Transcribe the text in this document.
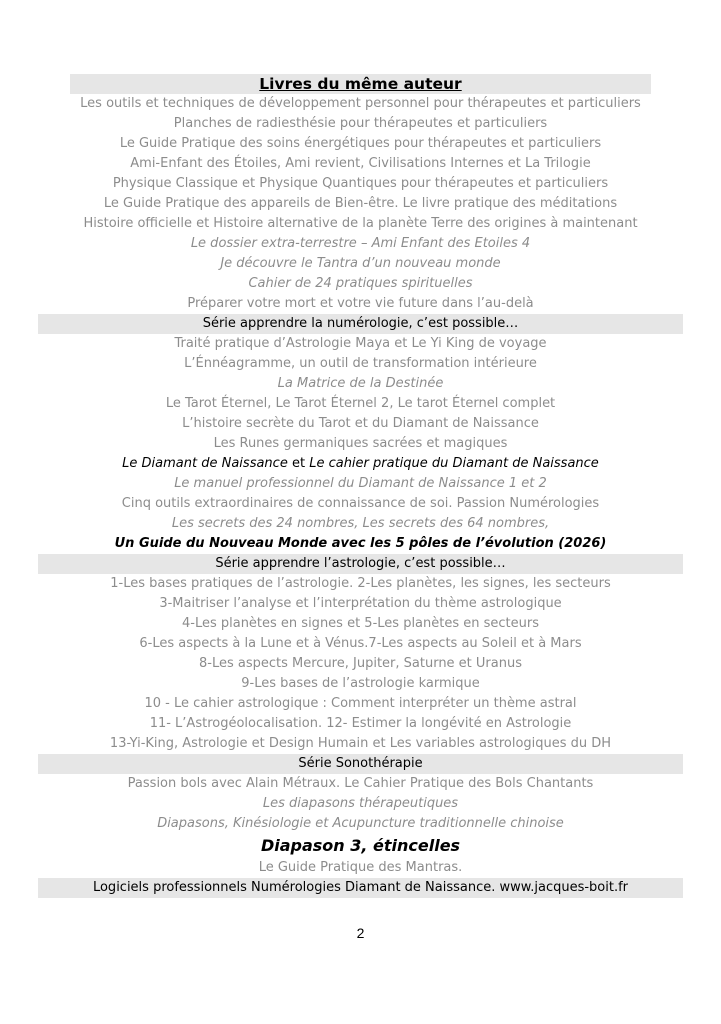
Livres du même auteur
Les outils et techniques de développement personnel pour thérapeutes et particuliers
Planches de radiesthésie pour thérapeutes et particuliers
Le Guide Pratique des soins énergétiques pour thérapeutes et particuliers
Ami-Enfant des Étoiles, Ami revient, Civilisations Internes et La Trilogie
Physique Classique et Physique Quantiques pour thérapeutes et particuliers
Le Guide Pratique des appareils de Bien-être. Le livre pratique des méditations
Histoire officielle et Histoire alternative de la planète Terre des origines à maintenant
Le dossier extra-terrestre – Ami Enfant des Etoiles 4
Je découvre le Tantra d’un nouveau monde
Cahier de 24 pratiques spirituelles
Préparer votre mort et votre vie future dans l’au-delà
Série apprendre la numérologie, c’est possible…
Traité pratique d’Astrologie Maya et Le Yi King de voyage
L’Énnéagramme, un outil de transformation intérieure
La Matrice de la Destinée
Le Tarot Éternel, Le Tarot Éternel 2, Le tarot Éternel complet
L’histoire secrète du Tarot et du Diamant de Naissance
Les Runes germaniques sacrées et magiques
Le Diamant de Naissance et Le cahier pratique du Diamant de Naissance
Le manuel professionnel du Diamant de Naissance 1 et 2
Cinq outils extraordinaires de connaissance de soi. Passion Numérologies
Les secrets des 24 nombres, Les secrets des 64 nombres,
Un Guide du Nouveau Monde avec les 5 pôles de l’évolution (2026)
Série apprendre l’astrologie, c’est possible…
1-Les bases pratiques de l’astrologie. 2-Les planètes, les signes, les secteurs
3-Maitriser l’analyse et l’interprétation du thème astrologique
4-Les planètes en signes et 5-Les planètes en secteurs
6-Les aspects à la Lune et à Vénus.7-Les aspects au Soleil et à Mars
8-Les aspects Mercure, Jupiter, Saturne et Uranus
9-Les bases de l’astrologie karmique
10 - Le cahier astrologique : Comment interpréter un thème astral
11- L’Astrogéolocalisation. 12- Estimer la longévité en Astrologie
13-Yi-King, Astrologie et Design Humain et Les variables astrologiques du DH
Série Sonothérapie
Passion bols avec Alain Métraux. Le Cahier Pratique des Bols Chantants
Les diapasons thérapeutiques
Diapasons, Kinésiologie et Acupuncture traditionnelle chinoise
Diapason 3, étincelles
Le Guide Pratique des Mantras.
Logiciels professionnels Numérologies Diamant de Naissance. www.jacques-boit.fr
2
